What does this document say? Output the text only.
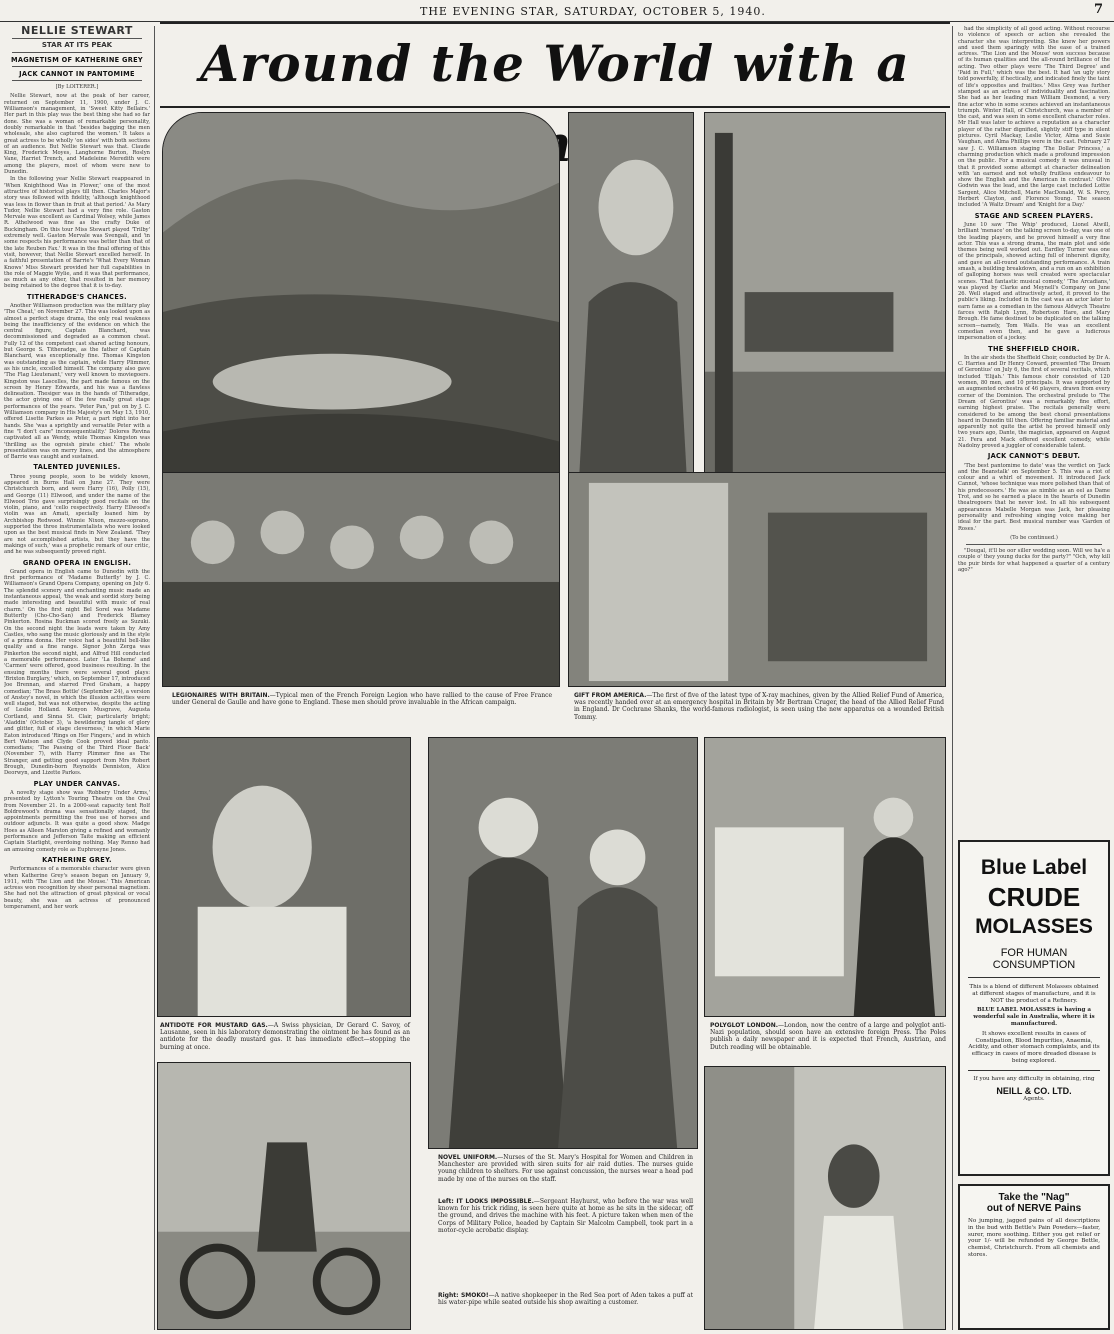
THE EVENING STAR, SATURDAY, OCTOBER 5, 1940.	7
NELLIE STEWART
STAR AT ITS PEAK
MAGNETISM OF KATHERINE GREY
JACK CANNOT IN PANTOMIME
[By LOITERER.]

Nellie Stewart, now at the peak of her career, returned on September 11, 1900, under J. C. Williamson's management, in 'Sweet Kitty Bellairs.' Her part in this play was the best thing she had so far done. She was a woman of remarkable personality, doubly remarkable in that 'besides bagging the men wholesale, she also captured the women.' It takes a great actress to be wholly 'on sides' with both sections of an audience. But Nellie Stewart was that. Claude King, Frederick Moyes, Langhorne Burton, Roslyn Vane, Harriet Trench, and Madeleine Meredith were among the players, most of whom were new to Dunedin.

In the following year Nellie Stewart reappeared in 'When Knighthood Was in Flower,' one of the most attractive of historical plays till then. Charles Major's story was followed with fidelity, 'although knighthood was less in flower than in fruit at that period.' As Mary Tudor, Nellie Stewart had a very fine role. Gaston Mervale was excellent as Cardinal Wolsey, while James R. Athelwood was fine as the crafty Duke of Buckingham. On this tour Miss Stewart played 'Trilby' extremely well. Gaston Mervale was Svengali, and 'in some respects his performance was better than that of the late Reuben Fax.' It was in the final offering of this visit, however, that Nellie Stewart excelled herself. In a faithful presentation of Barrie's 'What Every Woman Knows' Miss Stewart provided her full capabilities in the role of Maggie Wylie, and it was that performance, as much as any other, that resulted in her memory being retained to the degree that it is to-day.

TITHERADGE'S CHANCES.

Another Williamson production was the military play 'The Cheat,' on November 27. This was looked upon as almost a perfect stage drama, the only real weakness being the insufficiency of the evidence on which the central figure, Captain Blanchard, was decommissioned and degraded as a common cheat. Fully 12 of the competent cast shared acting honours, but George S. Titheradge, as the father of Captain Blanchard, was exceptionally fine. Thomas Kingston was outstanding as the captain, while Harry Plimmer, as his uncle, excelled himself. The company also gave 'The Flag Lieutenant,' very well known to moviegoers. Kingston was Lascelles, the part made famous on the screen by Henry Edwards, and his was a flawless delineation. Thesiger was in the hands of Titheradge, the actor giving one of the few really great stage performances of the years. 'Peter Pan,' put on by J. C. Williamson company in His Majesty's on May 13, 1910, offered Lisette Parkes as Peter, a part right into her hands. She 'was a sprightly and versatile Peter with a fine "I don't care" inconsequentiality.' Dolores Revina captivated all as Wendy, while Thomas Kingston was 'thrilling as the ogreish pirate chief.' The whole presentation was on merry lines, and the atmosphere of Barrie was caught and sustained.

TALENTED JUVENILES.

Three young people, soon to be widely known, appeared in Burns Hall on June 27. They were Christchurch born, and were Harry (16), Polly (15), and George (11) Ellwood, and under the name of the Ellwood Trio gave surprisingly good recitals on the violin, piano, and 'cello respectively. Harry Ellwood's violin was an Amati, specially loaned him by Archbishop Redwood. Winnie Nixon, mezzo-soprano, supported the three instrumentalists who were looked upon as the best musical finds in New Zealand. 'They are not accomplished artists, but they have the makings of such,' was a prophetic remark of our critic, and he was subsequently proved right.

GRAND OPERA IN ENGLISH.

Grand opera in English came to Dunedin with the first performance of 'Madame Butterfly' by J. C. Williamson's Grand Opera Company, opening on July 6. The splendid scenery and enchanting music made an instantaneous appeal, 'the weak and sordid story being made interesting and beautiful with music of real charm.' On the first night Bel Sorel was Madame Butterfly (Cho-Cho-San) and Frederick Blamey Pinkerton. Rosina Buckman scored freely as Suzuki. On the second night the leads were taken by Amy Castles, who sang the music gloriously and in the style of a prima donna. Her voice had a beautiful bell-like quality and a fine range. Signor John Zerga was Pinkerton the second night, and Alfred Hill conducted a memorable performance. Later 'La Boheme' and 'Carmen' were offered, good business resulting. In the ensuing months there were several good plays: 'Brixton Burglary,' which, on September 17, introduced Joe Brennan, and starred Fred Graham, a happy comedian; 'The Brass Bottle' (September 24), a version of Anstey's novel, in which the illusion activities were well staged, but was not otherwise, despite the acting of Leslie Holland. Kenyon Musgrave, Augusta Cortland, and Sinna St. Clair, particularly bright; 'Aladdin' (October 3), 'a bewildering tangle of glory and glitter, full of stage cleverness,' in which Marie Eaton introduced 'Rings on Her Fingers,' and in which Bert Watson and Clyde Cook proved ideal panto. comedians; 'The Passing of the Third Floor Back' (November 7), with Harry Plimmer fine as The Stranger, and getting good support from Mrs Robert Brough, Dunedin-born Reynolds Denniston, Alice Deorwyn, and Lizette Parkes.

PLAY UNDER CANVAS.

A novelty stage show was 'Robbery Under Arms,' presented by Lytton's Touring Theatre on the Oval from November 21. In a 2000-seat capacity tent Rolf Boldrewood's drama was sensationally staged, the appointments permitting the free use of horses and outdoor adjuncts. It was quite a good show. Madge Hoes as Alleen Marston giving a refined and womanly performance and Jefferson Taite making an efficient Captain Starlight, overdoing nothing. May Renno had an amusing comedy role as Euphrosyne Jones.

KATHERINE GREY.

Performances of a memorable character were given when Katherine Grey's season began on January 9, 1911, with 'The Lion and the Mouse.' This American actress won recognition by sheer personal magnetism. She had not the attraction of great physical or vocal beauty, she was an actress of pronounced temperament, and her work

Around the World with a
LEGIONAIRES WITH BRITAIN.—Typical men of the French Foreign Legion who have rallied to the cause of Free France under General de Gaulle and have gone to England. These men should prove invaluable in the African campaign.
GIFT FROM AMERICA.—The first of five of the latest type of X-ray machines, given by the Allied Relief Fund of America, was recently handed over at an emergency hospital in Britain by Mr Bertram Cruger, the head of the Allied Relief Fund in England. Dr Cochrane Shanks, the world-famous radiologist, is seen using the new apparatus on a wounded British Tommy.
ANTIDOTE FOR MUSTARD GAS.—A Swiss physician, Dr Gerard C. Savoy, of Lausanne, seen in his laboratory demonstrating the ointment he has found as an antidote for the deadly mustard gas. It has immediate effect—stopping the burning at once.
NOVEL UNIFORM.—Nurses of the St. Mary's Hospital for Women and Children in Manchester are provided with siren suits for air raid duties. The nurses guide young children to shelters. For use against concussion, the nurses wear a head pad made by one of the nurses on the staff.
Left: IT LOOKS IMPOSSIBLE.—Sergeant Hayhurst, who before the war was well known for his trick riding, is seen here quite at home as he sits in the sidecar, off the ground, and drives the machine with his feet. A picture taken when men of the Corps of Military Police, headed by Captain Sir Malcolm Campbell, took part in a motor-cycle acrobatic display.
Right: SMOKO!—A native shopkeeper in the Red Sea port of Aden takes a puff at his water-pipe while seated outside his shop awaiting a customer.
POLYGLOT LONDON.—London, now the centre of a large and polyglot anti-Nazi population, should soon have an extensive foreign Press. The Poles publish a daily newspaper and it is expected that French, Austrian, and Dutch reading will be obtainable.

had the simplicity of all good acting. Without recourse to violence of speech or action she revealed the character she was interpreting. She knew her powers and used them sparingly with the ease of a trained actress. 'The Lion and the Mouse' won success because of its human qualities and the all-round brilliance of the acting. Two other plays were 'The Third Degree' and 'Paid in Full,' which was the best. It had 'an ugly story told powerfully, if hectically, and indicated finely the taint of life's opposites and frailties.' Miss Grey was further stamped as an actress of individuality and fascination. She had as her leading man William Desmond, a very fine actor who in some scenes achieved an instantaneous triumph. Winter Hall, of Christchurch, was a member of the cast, and was seen in some excellent character roles. Mr Hall was later to achieve a reputation as a character player of the rather dignified, slightly stiff type in silent pictures. Cyril Mackay, Leslie Victor, Alma and Susie Vaughan, and Alma Phillips were in the cast. February 27 saw J. C. Williamson staging 'The Dollar Princess,' a charming production which made a profound impression on the public. For a musical comedy it was unusual in that it provided some attempt at character delineation with 'an earnest and not wholly fruitless endeavour to show the English and the American in contrast.' Olive Godwin was the lead, and the large cast included Lottie Sargent, Alice Mitchell, Marie MacDonald, W. S. Percy, Herbert Clayton, and Florence Young. The season included 'A Waltz Dream' and 'Knight for a Day.'

STAGE AND SCREEN PLAYERS.

June 10 saw 'The Whip' produced, Lionel Atwill, brilliant 'menace' on the talking screen to-day, was one of the leading players, and he proved himself a very fine actor. This was a strong drama, the main plot and side themes being well worked out. Eardley Turner was one of the principals, showed acting full of inherent dignity, and gave an all-round outstanding performance. A train smash, a building breakdown, and a run on an exhibition of galloping horses was well created were spectacular scenes. 'That fantastic musical comedy,' 'The Arcadians,' was played by Clarke and Meynell's Company on June 26. Well staged and attractively acted, it proved to the public's liking. Included in the cast was an actor later to earn fame as a comedian in the famous Aldwych Theatre farces with Ralph Lynn, Robertson Hare, and Mary Brough. He fame destined to be duplicated on the talking screen—namely, Tom Walls. He was an excellent comedian even then, and he gave a ludicrous impersonation of a jockey.

THE SHEFFIELD CHOIR.

In the air sheds the Sheffield Choir, conducted by Dr A. C. Harries and Dr Henry Coward, presented 'The Dream of Gerontius' on July 6, the first of several recitals, which included 'Elijah.' This famous choir consisted of 120 women, 80 men, and 10 principals. It was supported by an augmented orchestra of 46 players, drawn from every corner of the Dominion. The orchestral prelude to 'The Dream of Gerontius' was a remarkably fine effort, earning highest praise. The recitals generally were considered to be among the best choral presentations heard in Dunedin till then. Offering familiar material and apparently not quite the artist he proved himself only two years ago, Dante, the magician, appeared on August 21. Fera and Mack offered excellent comedy, while Nadolny proved a juggler of considerable talent.

JACK CANNOT'S DEBUT.

'The best pantomime to date' was the verdict on 'Jack and the Beanstalk' on September 5. This was a riot of colour and a whirl of movement. It introduced Jack Cannot, 'whose technique was more polished than that of his predecessors.' He was as nimble as an eel as Dame Trot, and so he earned a place in the hearts of Dunedin theatregoers that he never lost. In all his subsequent appearances Mabelle Morgan was Jack, her pleasing personality and refreshing singing voice making her ideal for the part. Best musical number was 'Garden of Roses.'

(To be continued.)

"Dougal, it'll be oor siller wedding soon. Will we ha'e a couple o' they young ducks for the party?" "Och, why kill the puir birds for what happened a quarter of a century ago?"

Blue Label
CRUDE
MOLASSES
FOR HUMAN
CONSUMPTION

This is a blend of different Molasses obtained at different stages of manufacture, and it is NOT the product of a Refinery.

BLUE LABEL MOLASSES is having a wonderful sale in Australia, where it is manufactured.

It shows excellent results in cases of Constipation, Blood Impurities, Anaemia, Acidity, and other stomach complaints, and its efficacy in cases of more dreaded disease is being explored.

If you have any difficulty in obtaining, ring

NEILL & CO. LTD.
Agents.
Take the "Nag"
out of NERVE Pains

No jumping, jagged pains of all descriptions in the bud with Bettle's Pain Powders—faster, surer, more soothing. Either you get relief or your 1/- will be refunded by George Bettle, chemist, Christchurch. From all chemists and stores.
